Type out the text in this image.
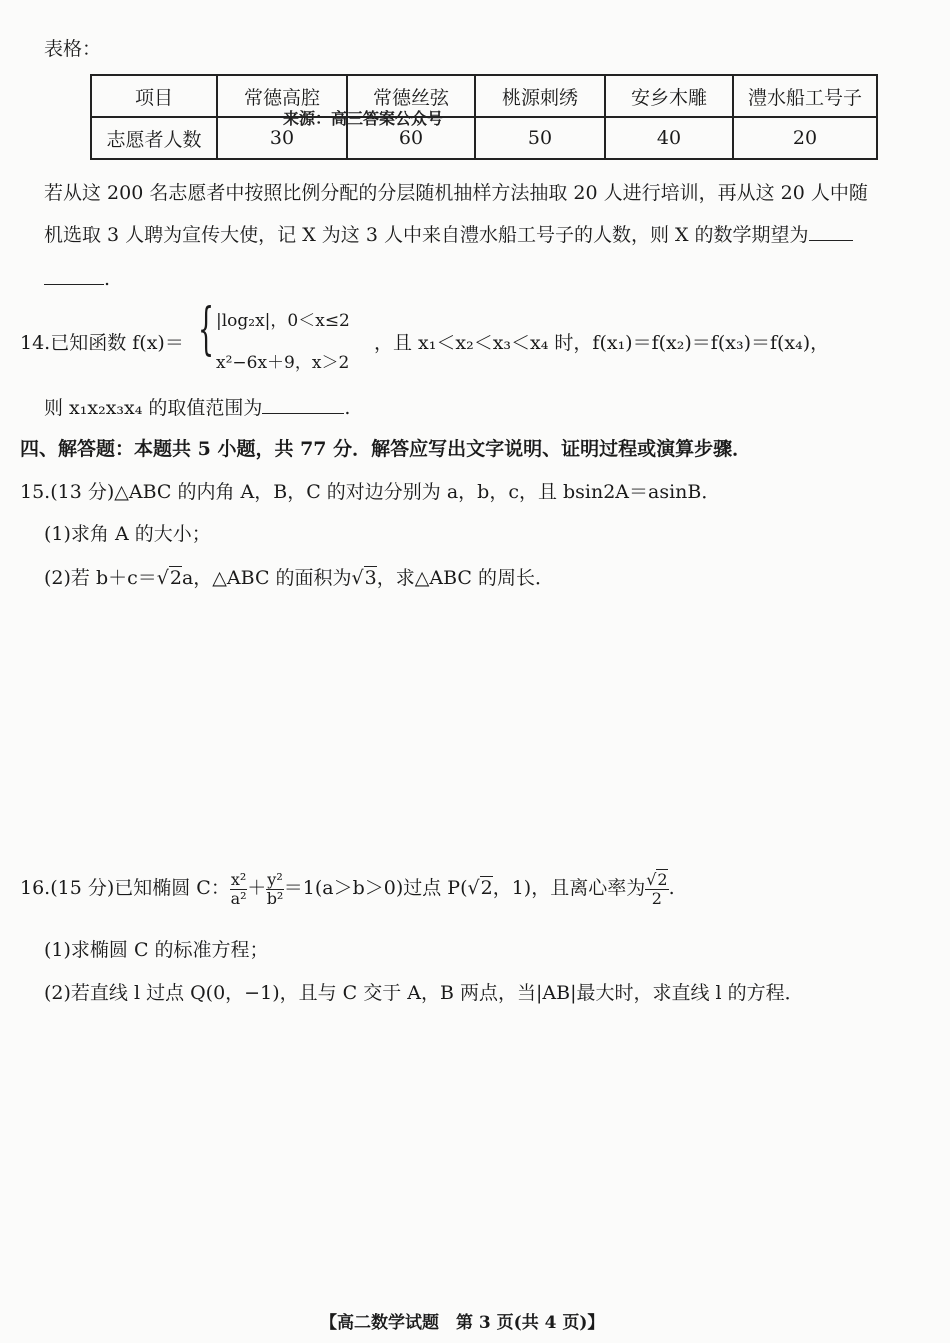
表格：
项目	常德高腔	常德丝弦	桃源刺绣	安乡木雕	澧水船工号子
志愿者人数	30	60	50	40	20
来源：高三答案公众号
若从这 200 名志愿者中按照比例分配的分层随机抽样方法抽取 20 人进行培训，再从这 20 人中随
机选取 3 人聘为宣传大使，记 X 为这 3 人中来自澧水船工号子的人数，则 X 的数学期望为
.
14.已知函数 f(x)＝ { |log₂x|，0＜x≤2
x²−6x＋9，x＞2
，且 x₁＜x₂＜x₃＜x₄ 时，f(x₁)＝f(x₂)＝f(x₃)＝f(x₄)，
则 x₁x₂x₃x₄ 的取值范围为	.
四、解答题：本题共 5 小题，共 77 分．解答应写出文字说明、证明过程或演算步骤．
15.(13 分)△ABC 的内角 A，B，C 的对边分别为 a，b，c，且 bsin2A＝asinB．
(1)求角 A 的大小；
(2)若 b＋c＝√2a，△ABC 的面积为√3，求△ABC 的周长．
16.(15 分)已知椭圆 C： $\frac{\text{x²}}{\text{a²}} + \frac{\text{y²}}{\text{b²}} =1(a>b>0)$过点 P(√2，1)，且离心率为 $\frac{√2}{2}$ .
(1)求椭圆 C 的标准方程；
(2)若直线 l 过点 Q(0，−1)，且与 C 交于 A，B 两点，当|AB|最大时，求直线 l 的方程．
【高二数学试题　第 3 页(共 4 页)】
